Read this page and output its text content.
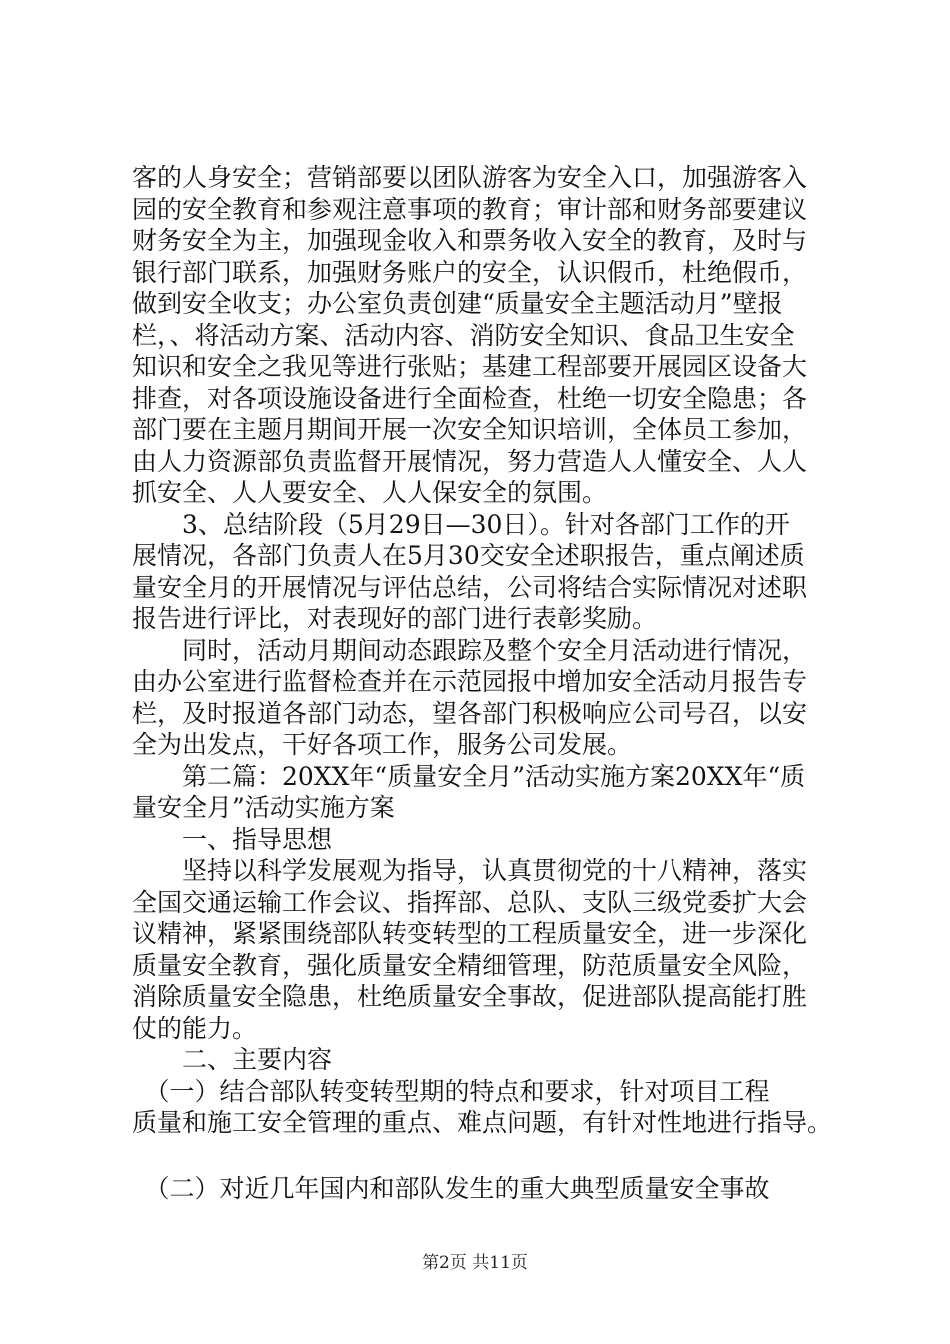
客的人身安全；营销部要以团队游客为安全入口，加强游客入
园的安全教育和参观注意事项的教育；审计部和财务部要建议
财务安全为主，加强现金收入和票务收入安全的教育，及时与
银行部门联系，加强财务账户的安全，认识假币，杜绝假币，
做到安全收支；办公室负责创建“质量安全主题活动月”壁报
栏，、将活动方案、活动内容、消防安全知识、食品卫生安全
知识和安全之我见等进行张贴；基建工程部要开展园区设备大
排查，对各项设施设备进行全面检查，杜绝一切安全隐患；各
部门要在主题月期间开展一次安全知识培训，全体员工参加，
由人力资源部负责监督开展情况，努力营造人人懂安全、人人
抓安全、人人要安全、人人保安全的氛围。
　　3、总结阶段（5月29日—30日）。针对各部门工作的开
展情况，各部门负责人在5月30交安全述职报告，重点阐述质
量安全月的开展情况与评估总结，公司将结合实际情况对述职
报告进行评比，对表现好的部门进行表彰奖励。
　　同时，活动月期间动态跟踪及整个安全月活动进行情况，
由办公室进行监督检查并在示范园报中增加安全活动月报告专
栏，及时报道各部门动态，望各部门积极响应公司号召，以安
全为出发点，干好各项工作，服务公司发展。
　　第二篇：20XX年“质量安全月”活动实施方案20XX年“质
量安全月”活动实施方案
　　一、指导思想
　　坚持以科学发展观为指导，认真贯彻党的十八精神，落实
全国交通运输工作会议、指挥部、总队、支队三级党委扩大会
议精神，紧紧围绕部队转变转型的工程质量安全，进一步深化
质量安全教育，强化质量安全精细管理，防范质量安全风险，
消除质量安全隐患，杜绝质量安全事故，促进部队提高能打胜
仗的能力。
　　二、主要内容
　（一）结合部队转变转型期的特点和要求，针对项目工程
质量和施工安全管理的重点、难点问题，有针对性地进行指导。
　（二）对近几年国内和部队发生的重大典型质量安全事故
第2页 共11页
